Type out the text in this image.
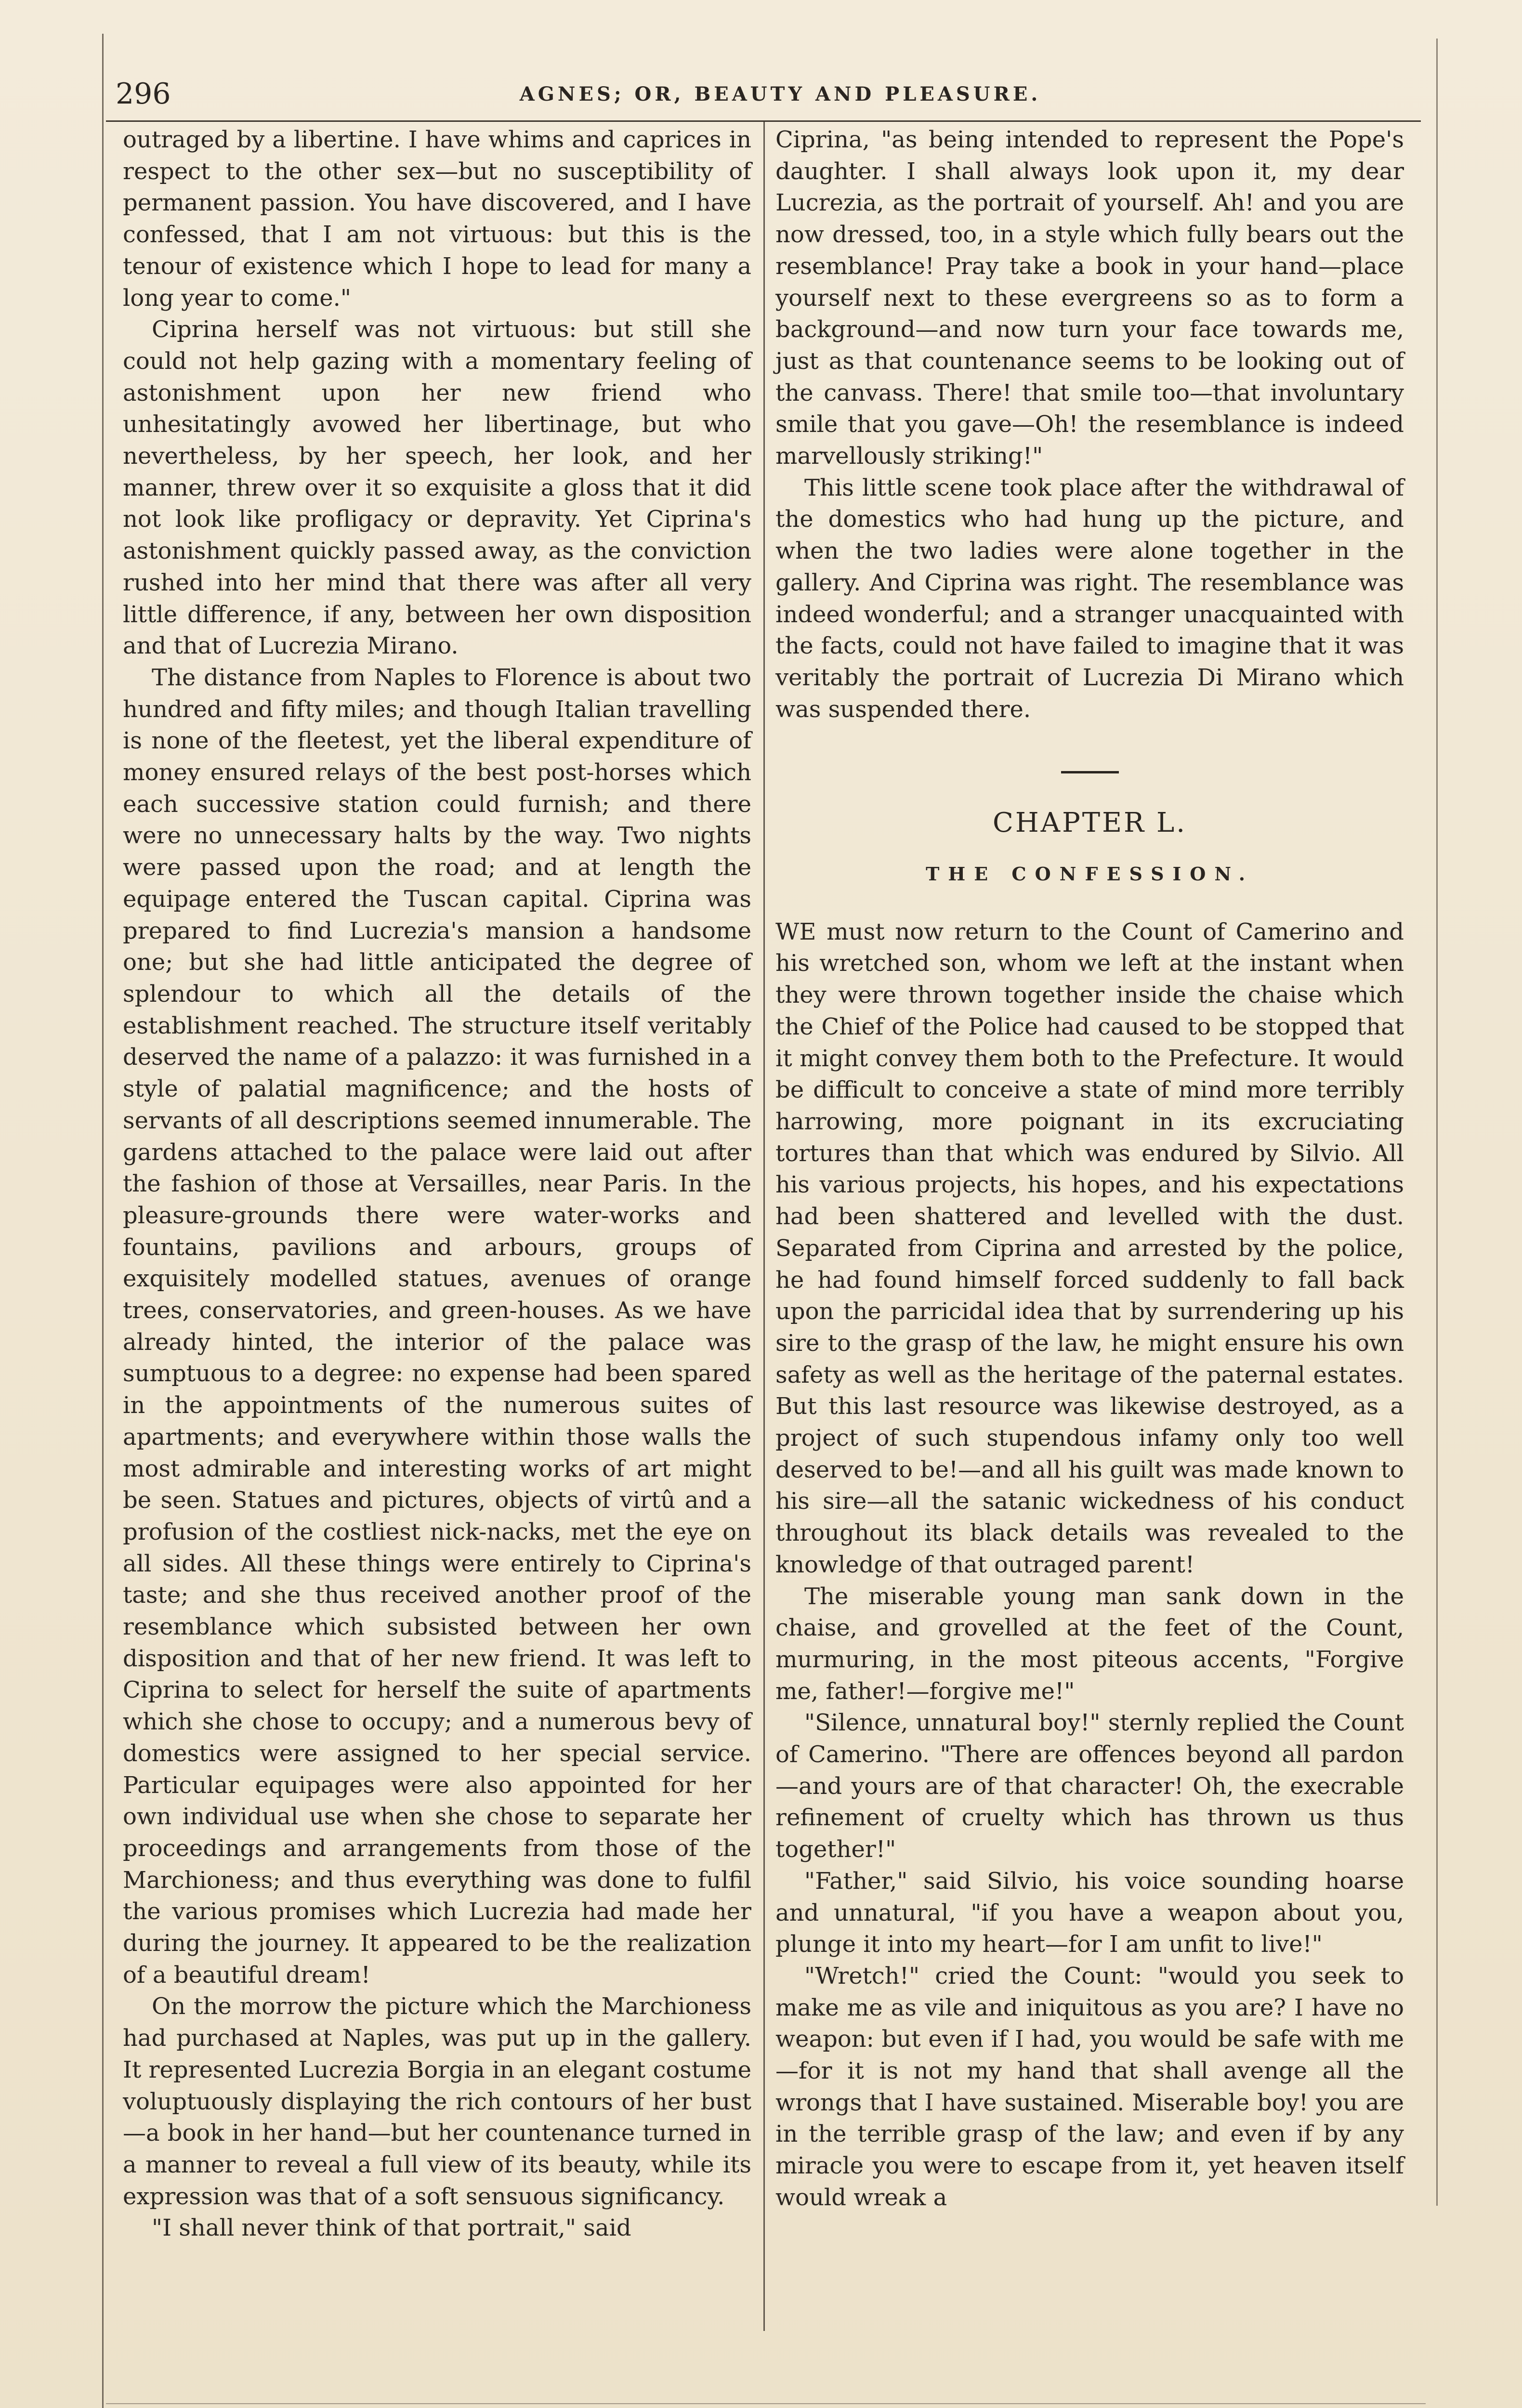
296	AGNES; OR, BEAUTY AND PLEASURE.

outraged by a libertine. I have whims and caprices in respect to the other sex—but no susceptibility of permanent passion. You have discovered, and I have confessed, that I am not virtuous: but this is the tenour of existence which I hope to lead for many a long year to come."

Ciprina herself was not virtuous: but still she could not help gazing with a momentary feeling of astonishment upon her new friend who unhesitatingly avowed her libertinage, but who nevertheless, by her speech, her look, and her manner, threw over it so exquisite a gloss that it did not look like profligacy or depravity. Yet Ciprina's astonishment quickly passed away, as the conviction rushed into her mind that there was after all very little difference, if any, between her own disposition and that of Lucrezia Mirano.

The distance from Naples to Florence is about two hundred and fifty miles; and though Italian travelling is none of the fleetest, yet the liberal expenditure of money ensured relays of the best post-horses which each successive station could furnish; and there were no unnecessary halts by the way. Two nights were passed upon the road; and at length the equipage entered the Tuscan capital. Ciprina was prepared to find Lucrezia's mansion a handsome one; but she had little anticipated the degree of splendour to which all the details of the establishment reached. The structure itself veritably deserved the name of a palazzo: it was furnished in a style of palatial magnificence; and the hosts of servants of all descriptions seemed innumerable. The gardens attached to the palace were laid out after the fashion of those at Versailles, near Paris. In the pleasure-grounds there were water-works and fountains, pavilions and arbours, groups of exquisitely modelled statues, avenues of orange trees, conservatories, and green-houses. As we have already hinted, the interior of the palace was sumptuous to a degree: no expense had been spared in the appointments of the numerous suites of apartments; and everywhere within those walls the most admirable and interesting works of art might be seen. Statues and pictures, objects of virtû and a profusion of the costliest nick-nacks, met the eye on all sides. All these things were entirely to Ciprina's taste; and she thus received another proof of the resemblance which subsisted between her own disposition and that of her new friend. It was left to Ciprina to select for herself the suite of apartments which she chose to occupy; and a numerous bevy of domestics were assigned to her special service. Particular equipages were also appointed for her own individual use when she chose to separate her proceedings and arrangements from those of the Marchioness; and thus everything was done to fulfil the various promises which Lucrezia had made her during the journey. It appeared to be the realization of a beautiful dream!

On the morrow the picture which the Marchioness had purchased at Naples, was put up in the gallery. It represented Lucrezia Borgia in an elegant costume voluptuously displaying the rich contours of her bust—a book in her hand—but her countenance turned in a manner to reveal a full view of its beauty, while its expression was that of a soft sensuous significancy.

"I shall never think of that portrait," said

Ciprina, "as being intended to represent the Pope's daughter. I shall always look upon it, my dear Lucrezia, as the portrait of yourself. Ah! and you are now dressed, too, in a style which fully bears out the resemblance! Pray take a book in your hand—place yourself next to these evergreens so as to form a background—and now turn your face towards me, just as that countenance seems to be looking out of the canvass. There! that smile too—that involuntary smile that you gave—Oh! the resemblance is indeed marvellously striking!"

This little scene took place after the withdrawal of the domestics who had hung up the picture, and when the two ladies were alone together in the gallery. And Ciprina was right. The resemblance was indeed wonderful; and a stranger unacquainted with the facts, could not have failed to imagine that it was veritably the portrait of Lucrezia Di Mirano which was suspended there.

CHAPTER L.
THE CONFESSION.

WE must now return to the Count of Camerino and his wretched son, whom we left at the instant when they were thrown together inside the chaise which the Chief of the Police had caused to be stopped that it might convey them both to the Prefecture. It would be difficult to conceive a state of mind more terribly harrowing, more poignant in its excruciating tortures than that which was endured by Silvio. All his various projects, his hopes, and his expectations had been shattered and levelled with the dust. Separated from Ciprina and arrested by the police, he had found himself forced suddenly to fall back upon the parricidal idea that by surrendering up his sire to the grasp of the law, he might ensure his own safety as well as the heritage of the paternal estates. But this last resource was likewise destroyed, as a project of such stupendous infamy only too well deserved to be!—and all his guilt was made known to his sire—all the satanic wickedness of his conduct throughout its black details was revealed to the knowledge of that outraged parent!

The miserable young man sank down in the chaise, and grovelled at the feet of the Count, murmuring, in the most piteous accents, "Forgive me, father!—forgive me!"

"Silence, unnatural boy!" sternly replied the Count of Camerino. "There are offences beyond all pardon—and yours are of that character! Oh, the execrable refinement of cruelty which has thrown us thus together!"

"Father," said Silvio, his voice sounding hoarse and unnatural, "if you have a weapon about you, plunge it into my heart—for I am unfit to live!"

"Wretch!" cried the Count: "would you seek to make me as vile and iniquitous as you are? I have no weapon: but even if I had, you would be safe with me—for it is not my hand that shall avenge all the wrongs that I have sustained. Miserable boy! you are in the terrible grasp of the law; and even if by any miracle you were to escape from it, yet heaven itself would wreak a
